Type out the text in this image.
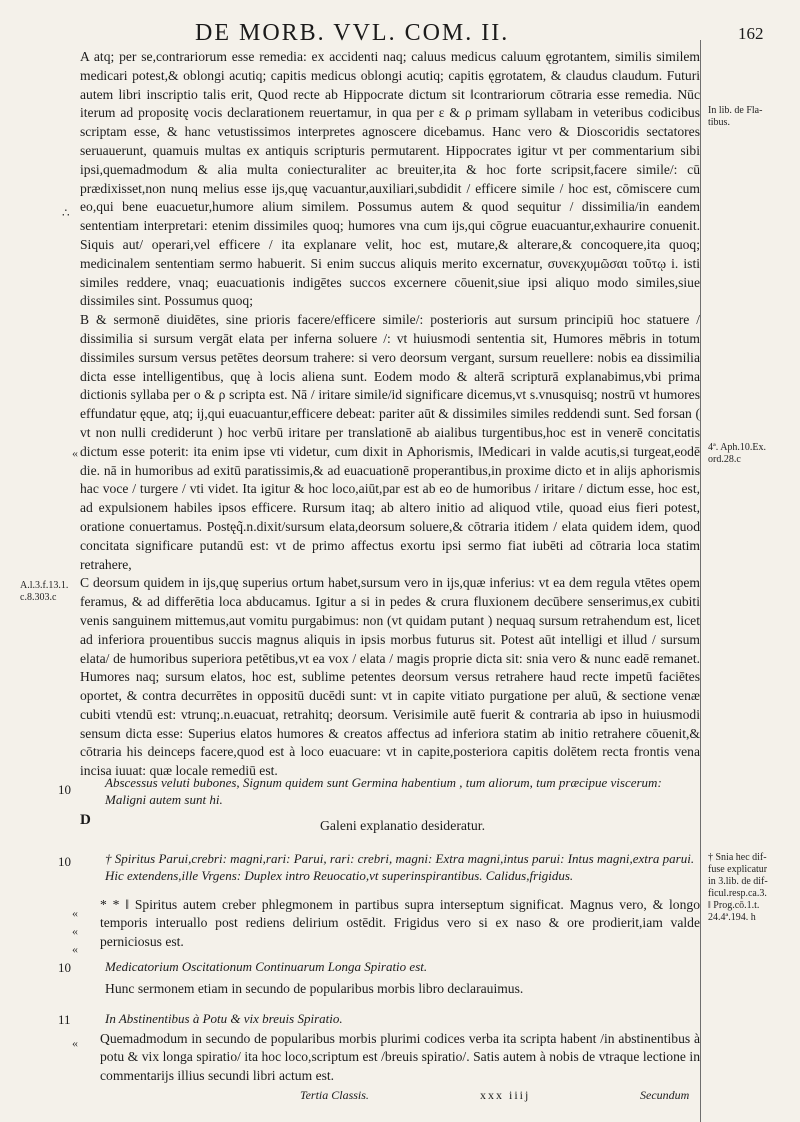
DE MORB. VVL. COM. II.	162

A atq; per se,contrariorum esse remedia: ex accidenti naq; caluus medicus caluum ęgrotantem, similis similem medicari potest,& oblongi acutiq; capitis medicus oblongi acutiq; capitis ęgrotatem, & claudus claudum. Futuri autem libri inscriptio talis erit, Quod recte ab Hippocrate dictum sit ‖contrariorum cōtraria esse remedia. Nūc iterum ad propositę vocis declarationem reuertamur, in qua per ε & ρ primam syllabam in veteribus codicibus scriptam esse, & hanc vetustissimos interpretes agnoscere dicebamus. Hanc vero & Dioscoridis sectatores seruauerunt, quamuis multas ex antiquis scripturis permutarent. Hippocrates igitur vt per commentarium sibi ipsi,quemadmodum & alia multa coniecturaliter ac breuiter,ita & hoc forte scripsit,facere simile/: cū prædixisset,non nunq melius esse ijs,quę vacuantur,auxiliari,subdidit / efficere simile / hoc est, cōmiscere cum eo,qui bene euacuetur,humore alium similem. Possumus autem & quod sequitur / dissimilia/in eandem sententiam interpretari: etenim dissimiles quoq; humores vna cum ijs,qui cōgrue euacuantur,exhaurire conuenit. Siquis aut/ operari,vel efficere / ita explanare velit, hoc est, mutare,& alterare,& concoquere,ita quoq; medicinalem sententiam sermo habuerit. Si enim succus aliquis merito excernatur, συνεκχυμῶσαι τοῦτῳ i. isti similes reddere, vnaq; euacuationis indigētes succos excernere cōuenit,siue ipsi aliquo modo similes,siue dissimiles sint. Possumus quoq;

B & sermonē diuidētes, sine prioris facere/efficere simile/: posterioris aut sursum principiū hoc statuere / dissimilia si sursum vergāt elata per inferna soluere /: vt huiusmodi sententia sit, Humores mēbris in totum dissimiles sursum versus petētes deorsum trahere: si vero deorsum vergant, sursum reuellere: nobis ea dissimilia dicta esse intelligentibus, quę à locis aliena sunt. Eodem modo & alterā scripturā explanabimus,vbi prima dictionis syllaba per ο & ρ scripta est. Nā / iritare simile/id significare dicemus,vt s.vnusquisq; nostrū vt humores effundatur ęque, atq; ij,qui euacuantur,efficere debeat: pariter aūt & dissimiles similes reddendi sunt. Sed forsan ( vt non nulli crediderunt ) hoc verbū iritare per translationē ab aialibus turgentibus,hoc est in venerē concitatis dictum esse poterit: ita enim ipse vti videtur, cum dixit in Aphorismis, ‖Medicari in valde acutis,si turgeat,eodē die. nā in humoribus ad exitū paratissimis,& ad euacuationē properantibus,in proxime dicto et in alijs aphorismis hac voce / turgere / vti videt. Ita igitur & hoc loco,aiūt,par est ab eo de humoribus / iritare / dictum esse, hoc est, ad expulsionem habiles ipsos efficere. Rursum itaq; ab altero initio ad aliquod vtile, quoad eius fieri potest, oratione conuertamus. Postęq̃.n.dixit/sursum elata,deorsum soluere,& cōtraria itidem / elata quidem idem, quod concitata significare putandū est: vt de primo affectus exortu ipsi sermo fiat iubēti ad cōtraria loca statim retrahere,

C deorsum quidem in ijs,quę superius ortum habet,sursum vero in ijs,quæ inferius: vt ea dem regula vtētes opem feramus, & ad differētia loca abducamus. Igitur a si in pedes & crura fluxionem decūbere senserimus,ex cubiti venis sanguinem mittemus,aut vomitu purgabimus: non (vt quidam putant ) nequaq sursum retrahendum est, licet ad inferiora prouentibus succis magnus aliquis in ipsis morbus futurus sit. Potest aūt intelligi et illud / sursum elata/ de humoribus superiora petētibus,vt ea vox / elata / magis proprie dicta sit: snia vero & nunc eadē remanet. Humores naq; sursum elatos, hoc est, sublime petentes deorsum versus retrahere haud recte impetū faciētes oportet, & contra decurrētes in oppositū ducēdi sunt: vt in capite vitiato purgatione per aluū, & sectione venæ cubiti vtendū est: vtrunq;.n.euacuat, retrahitq; deorsum. Verisimile autē fuerit & contraria ab ipso in huiusmodi sensum dicta esse: Superius elatos humores & creatos affectus ad inferiora statim ab initio retrahere cōuenit,& cōtraria his deinceps facere,quod est à loco euacuare: vt in capite,posteriora capitis dolētem recta frontis vena incisa iuuat: quæ locale remediū est.

∴
«
«
«
«
«
In lib. de Fla-
tibus.
4ª. Aph.10.Ex.
ord.28.c
A.l.3.f.13.1.
c.8.303.c
† Snia hec dif-
fuse explicatur
in 3.lib. de dif-
ficul.resp.ca.3.
‖ Prog.cō.1.t.
24.4ª.194. h
10	Abscessus veluti bubones, Signum quidem sunt Germina habentium , tum aliorum, tum præcipue viscerum: Maligni autem sunt hi.
D	Galeni explanatio desideratur.
10	† Spiritus Parui,crebri: magni,rari: Parui, rari: crebri, magni: Extra magni,intus parui: Intus magni,extra parui. Hic extendens,ille Vrgens: Duplex intro Reuocatio,vt superinspirantibus. Calidus,frigidus.
* * ‖ Spiritus autem creber phlegmonem in partibus supra interseptum significat. Magnus vero, & longo temporis interuallo post rediens delirium ostēdit. Frigidus vero si ex naso & ore prodierit,iam valde perniciosus est.
10	Medicatorium Oscitationum Continuarum Longa Spiratio est.
Hunc sermonem etiam in secundo de popularibus morbis libro declarauimus.
11	In Abstinentibus à Potu & vix breuis Spiratio.
Quemadmodum in secundo de popularibus morbis plurimi codices verba ita scripta habent /in abstinentibus à potu & vix longa spiratio/ ita hoc loco,scriptum est /breuis spiratio/. Satis autem à nobis de vtraque lectione in commentarijs illius secundi libri actum est.
Tertia Classis.	xxx iiij	Secundum
